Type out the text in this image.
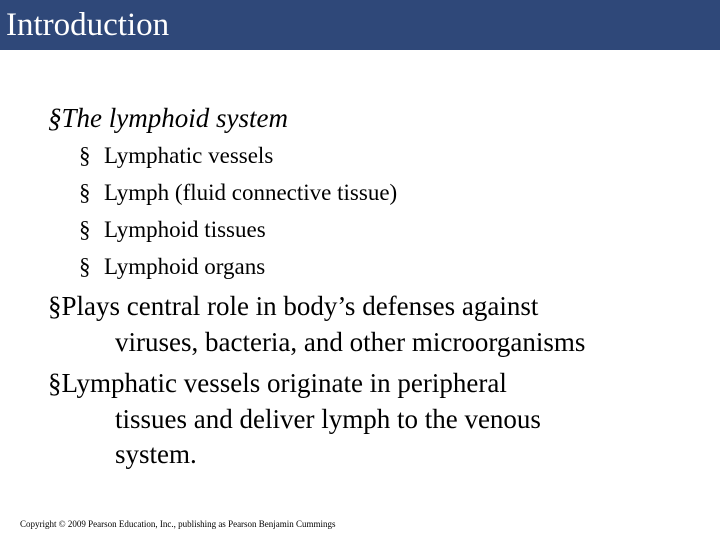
Introduction
§The lymphoid system
§ Lymphatic vessels
§ Lymph (fluid connective tissue)
§ Lymphoid tissues
§ Lymphoid organs
§Plays central role in body’s defenses against
viruses, bacteria, and other microorganisms
§Lymphatic vessels originate in peripheral
tissues and deliver lymph to the venous
system.
Copyright © 2009 Pearson Education, Inc., publishing as Pearson Benjamin Cummings
